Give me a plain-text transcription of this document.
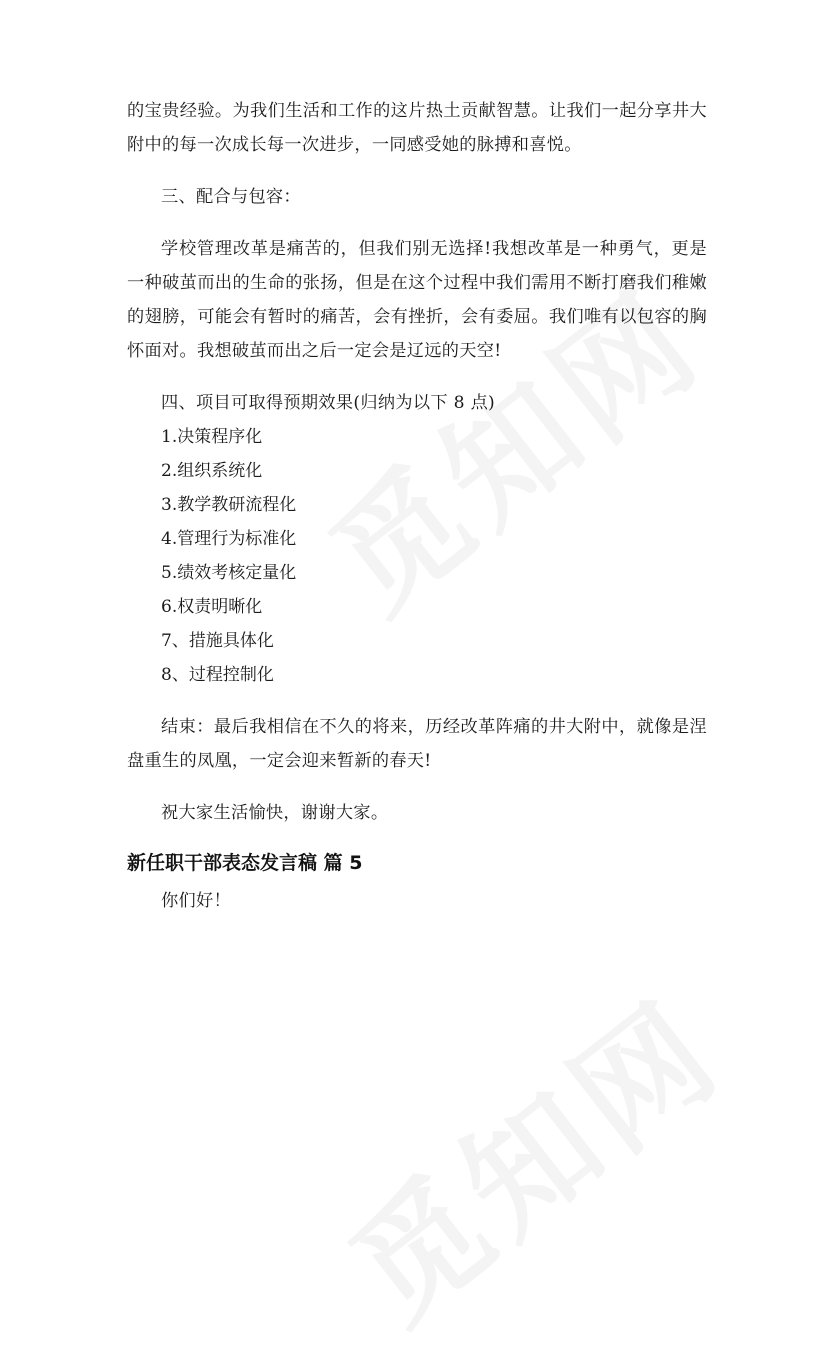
的宝贵经验。为我们生活和工作的这片热土贡献智慧。让我们一起分享井大附中的每一次成长每一次进步，一同感受她的脉搏和喜悦。

三、配合与包容：

学校管理改革是痛苦的，但我们别无选择!我想改革是一种勇气，更是一种破茧而出的生命的张扬，但是在这个过程中我们需用不断打磨我们稚嫩的翅膀，可能会有暂时的痛苦，会有挫折，会有委屈。我们唯有以包容的胸怀面对。我想破茧而出之后一定会是辽远的天空!

四、项目可取得预期效果(归纳为以下 8 点)

1.决策程序化

2.组织系统化

3.教学教研流程化

4.管理行为标准化

5.绩效考核定量化

6.权责明晰化

7、措施具体化

8、过程控制化

结束：最后我相信在不久的将来，历经改革阵痛的井大附中，就像是涅盘重生的凤凰，一定会迎来暂新的春天!

祝大家生活愉快，谢谢大家。

新任职干部表态发言稿 篇 5

你们好！
